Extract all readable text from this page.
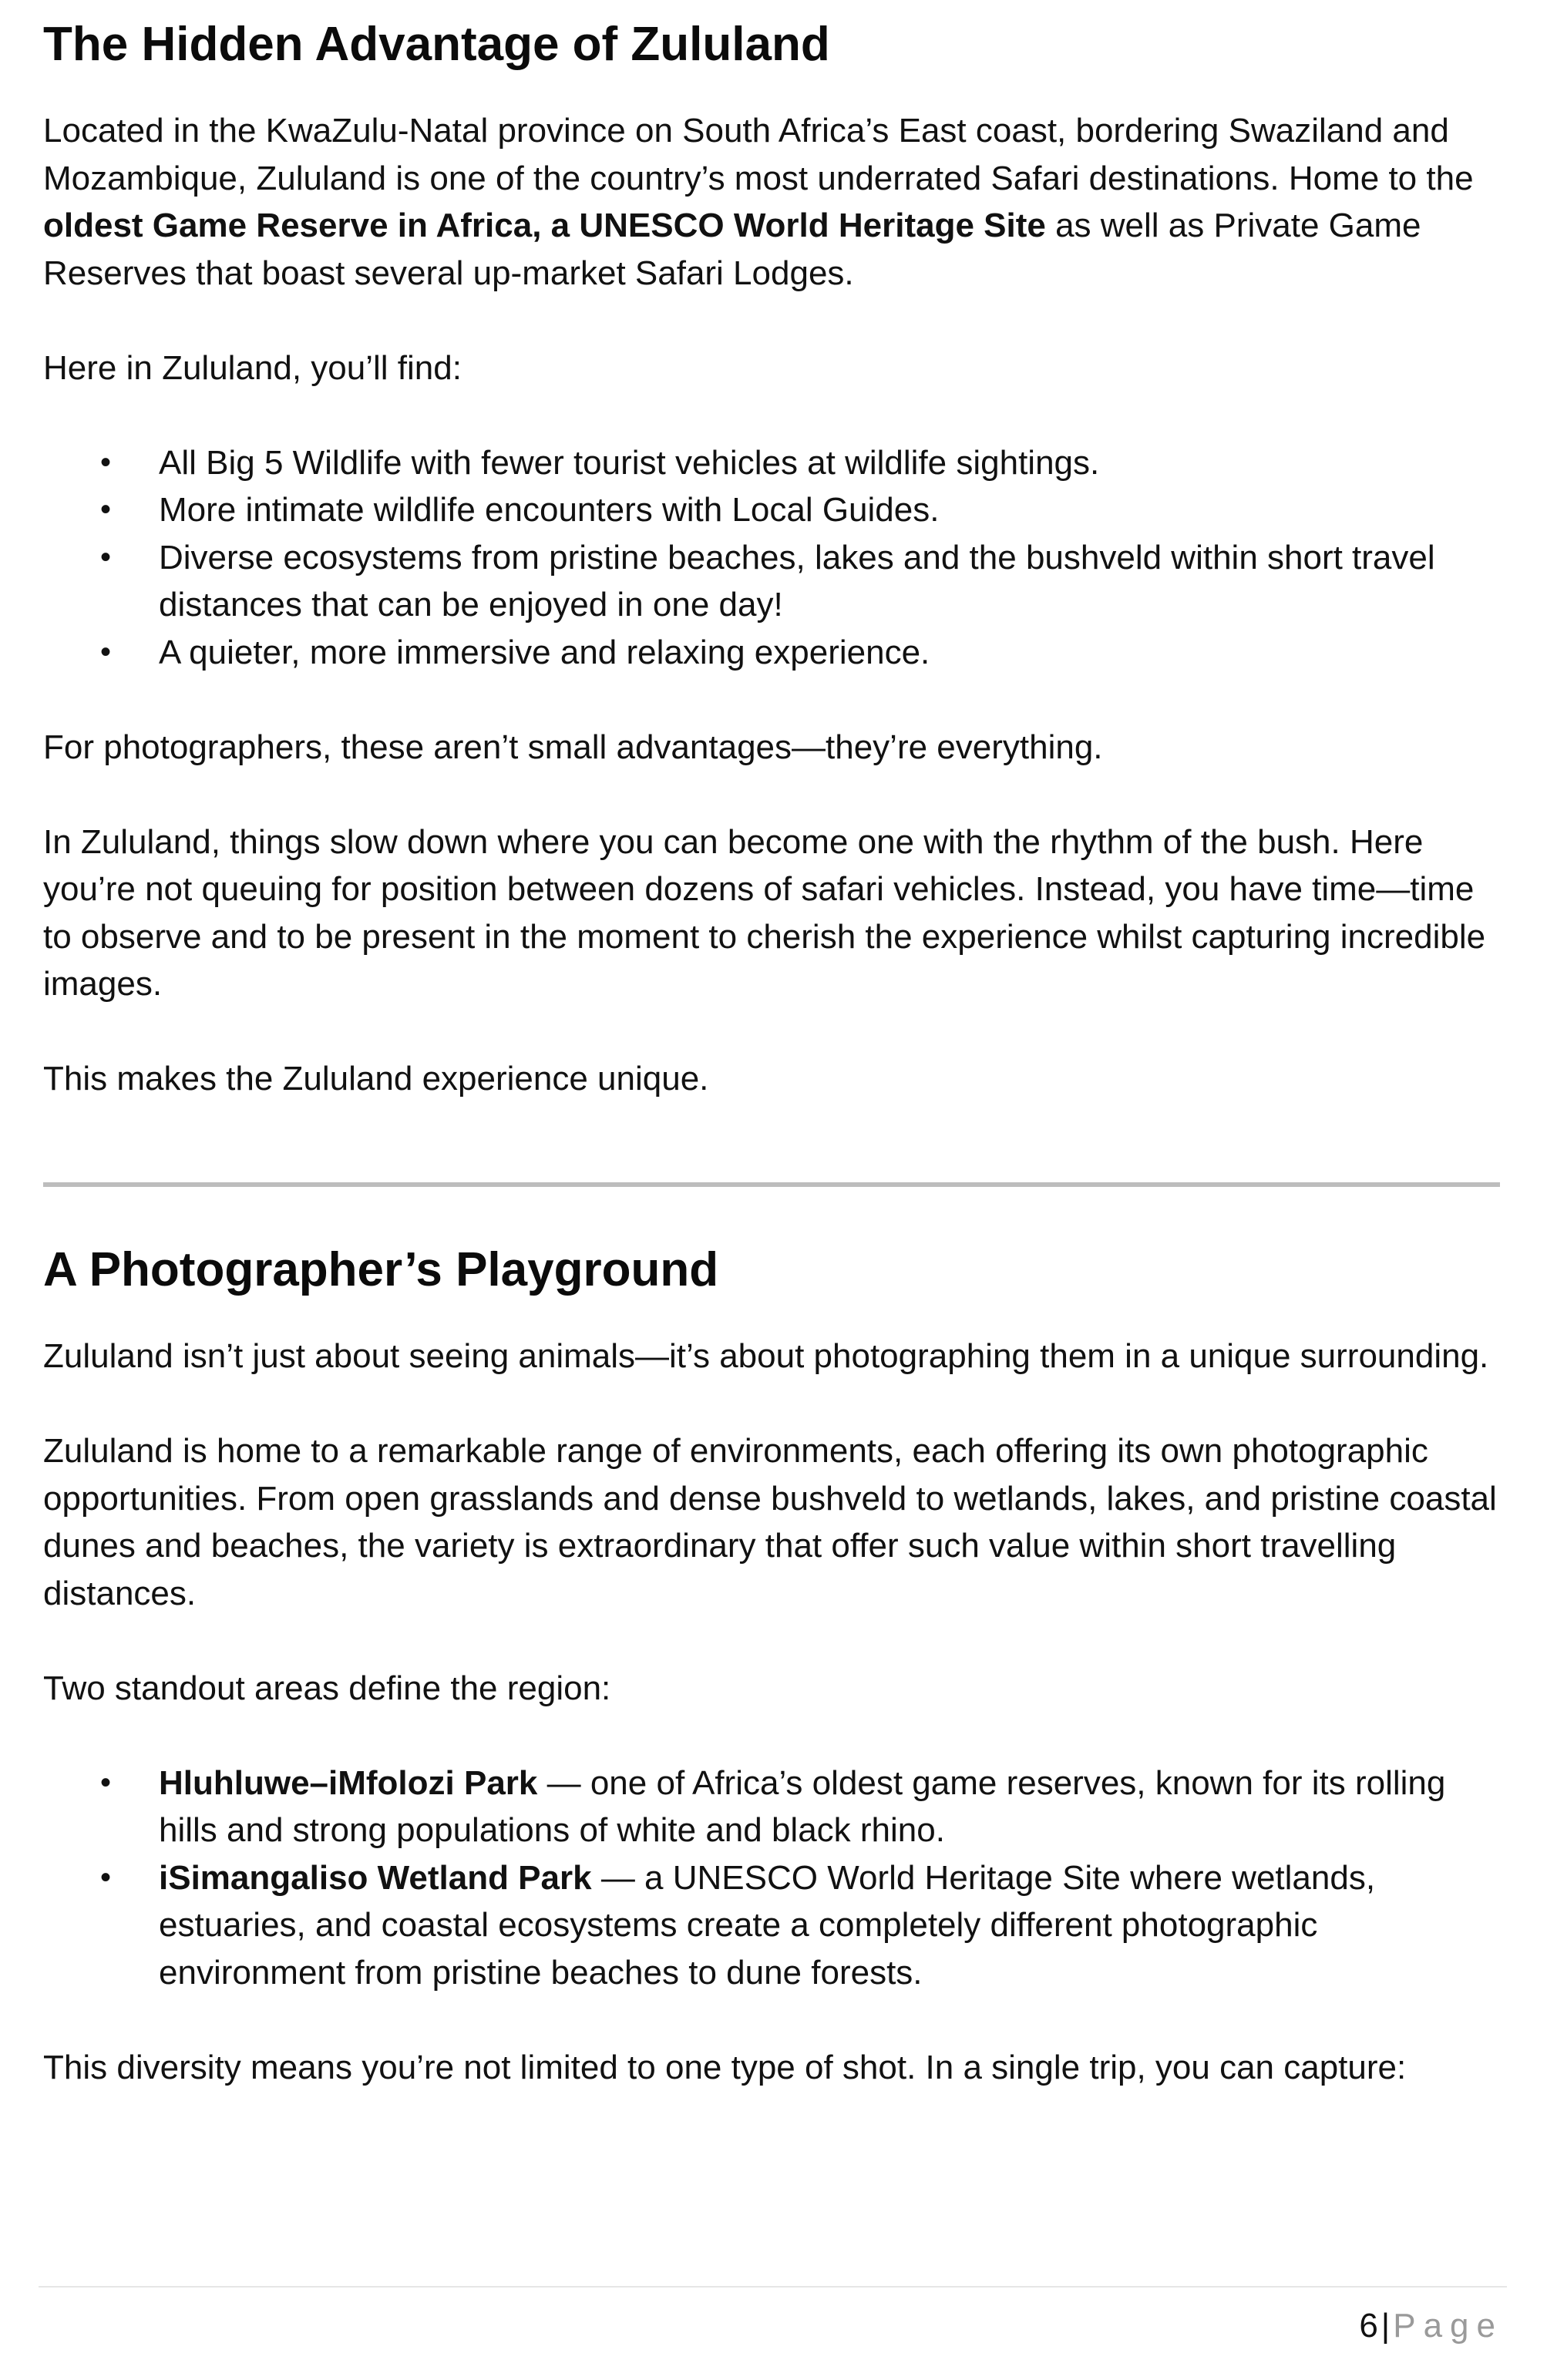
The Hidden Advantage of Zululand

Located in the KwaZulu-Natal province on South Africa’s East coast, bordering Swaziland and Mozambique, Zululand is one of the country’s most underrated Safari destinations. Home to the oldest Game Reserve in Africa, a UNESCO World Heritage Site as well as Private Game Reserves that boast several up-market Safari Lodges.

Here in Zululand, you’ll find:

• All Big 5 Wildlife with fewer tourist vehicles at wildlife sightings.
• More intimate wildlife encounters with Local Guides.
• Diverse ecosystems from pristine beaches, lakes and the bushveld within short travel distances that can be enjoyed in one day!
• A quieter, more immersive and relaxing experience.

For photographers, these aren’t small advantages—they’re everything.

In Zululand, things slow down where you can become one with the rhythm of the bush. Here you’re not queuing for position between dozens of safari vehicles. Instead, you have time—time to observe and to be present in the moment to cherish the experience whilst capturing incredible images.

This makes the Zululand experience unique.

A Photographer’s Playground

Zululand isn’t just about seeing animals—it’s about photographing them in a unique surrounding.

Zululand is home to a remarkable range of environments, each offering its own photographic opportunities. From open grasslands and dense bushveld to wetlands, lakes, and pristine coastal dunes and beaches, the variety is extraordinary that offer such value within short travelling distances.

Two standout areas define the region:

• Hluhluwe–iMfolozi Park — one of Africa’s oldest game reserves, known for its rolling hills and strong populations of white and black rhino.
• iSimangaliso Wetland Park — a UNESCO World Heritage Site where wetlands, estuaries, and coastal ecosystems create a completely different photographic environment from pristine beaches to dune forests.

This diversity means you’re not limited to one type of shot. In a single trip, you can capture:

6|Page
